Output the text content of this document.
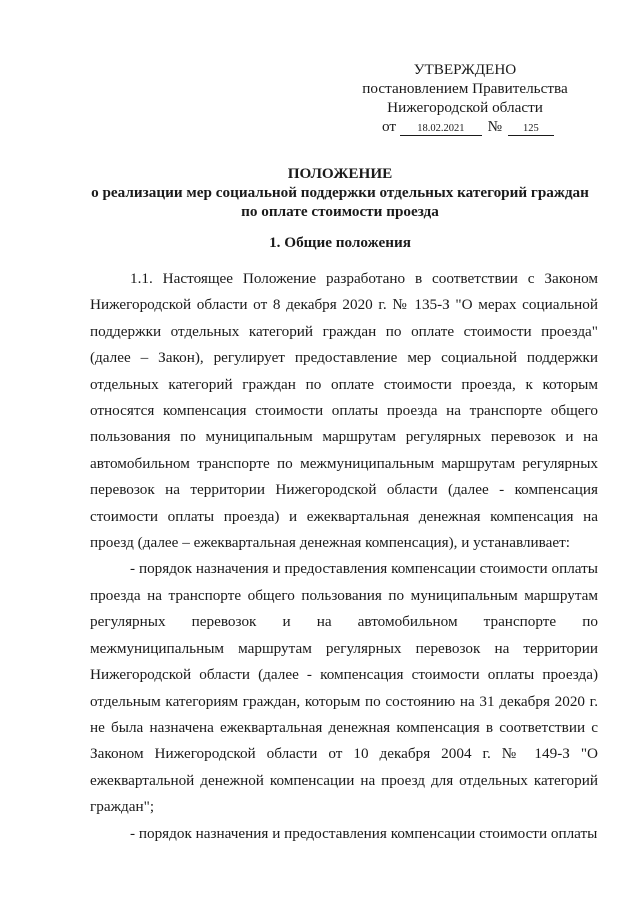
УТВЕРЖДЕНО
постановлением Правительства
Нижегородской области
от 18.02.2021 № 125
ПОЛОЖЕНИЕ
о реализации мер социальной поддержки отдельных категорий граждан
по оплате стоимости проезда
1. Общие положения

1.1. Настоящее Положение разработано в соответствии с Законом Нижегородской области от 8 декабря 2020 г. № 135-З "О мерах социальной поддержки отдельных категорий граждан по оплате стоимости проезда" (далее – Закон), регулирует предоставление мер социальной поддержки отдельных категорий граждан по оплате стоимости проезда, к которым относятся компенсация стоимости оплаты проезда на транспорте общего пользования по муниципальным маршрутам регулярных перевозок и на автомобильном транспорте по межмуниципальным маршрутам регулярных перевозок на территории Нижегородской области (далее - компенсация стоимости оплаты проезда) и ежеквартальная денежная компенсация на проезд (далее – ежеквартальная денежная компенсация), и устанавливает:

- порядок назначения и предоставления компенсации стоимости оплаты проезда на транспорте общего пользования по муниципальным маршрутам регулярных перевозок и на автомобильном транспорте по межмуниципальным маршрутам регулярных перевозок на территории Нижегородской области (далее - компенсация стоимости оплаты проезда) отдельным категориям граждан, которым по состоянию на 31 декабря 2020 г. не была назначена ежеквартальная денежная компенсация в соответствии с Законом Нижегородской области от 10 декабря 2004 г. № 149-З "О ежеквартальной денежной компенсации на проезд для отдельных категорий граждан";

- порядок назначения и предоставления компенсации стоимости оплаты
